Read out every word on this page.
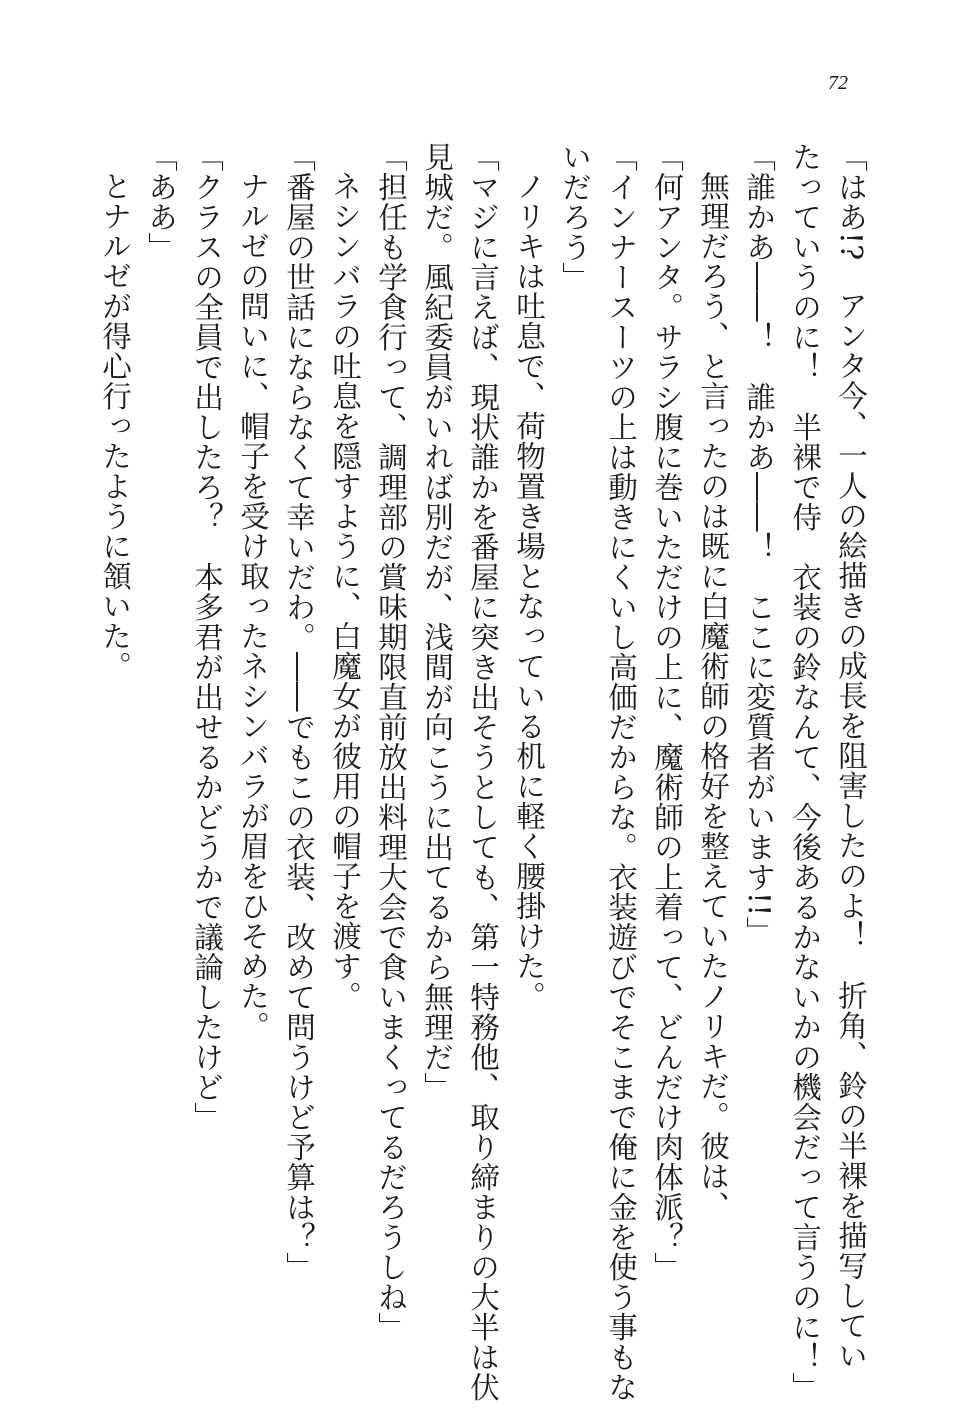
72
「はあ!?　アンタ今、一人の絵描きの成長を阻害したのよ！　折角、鈴の半裸を描写してい
たっていうのに！　半裸で侍　衣装の鈴なんて、今後あるかないかの機会だって言うのに！」
「誰かあ――！　誰かあ――！　ここに変質者がいます!!」
無理だろう、と言ったのは既に白魔術師の格好を整えていたノリキだ。彼は、
「何アンタ。サラシ腹に巻いただけの上に、魔術師の上着って、どんだけ肉体派？」
「インナースーツの上は動きにくいし高価だからな。衣装遊びでそこまで俺に金を使う事もな
いだろう」
ノリキは吐息で、荷物置き場となっている机に軽く腰掛けた。
「マジに言えば、現状誰かを番屋に突き出そうとしても、第一特務他、取り締まりの大半は伏
見城だ。風紀委員がいれば別だが、浅間が向こうに出てるから無理だ」
「担任も学食行って、調理部の賞味期限直前放出料理大会で食いまくってるだろうしね」
ネシンバラの吐息を隠すように、白魔女が彼用の帽子を渡す。
「番屋の世話にならなくて幸いだわ。――でもこの衣装、改めて問うけど予算は？」
ナルゼの問いに、帽子を受け取ったネシンバラが眉をひそめた。
「クラスの全員で出したろ？　本多君が出せるかどうかで議論したけど」
「ああ」
とナルゼが得心行ったように頷いた。
